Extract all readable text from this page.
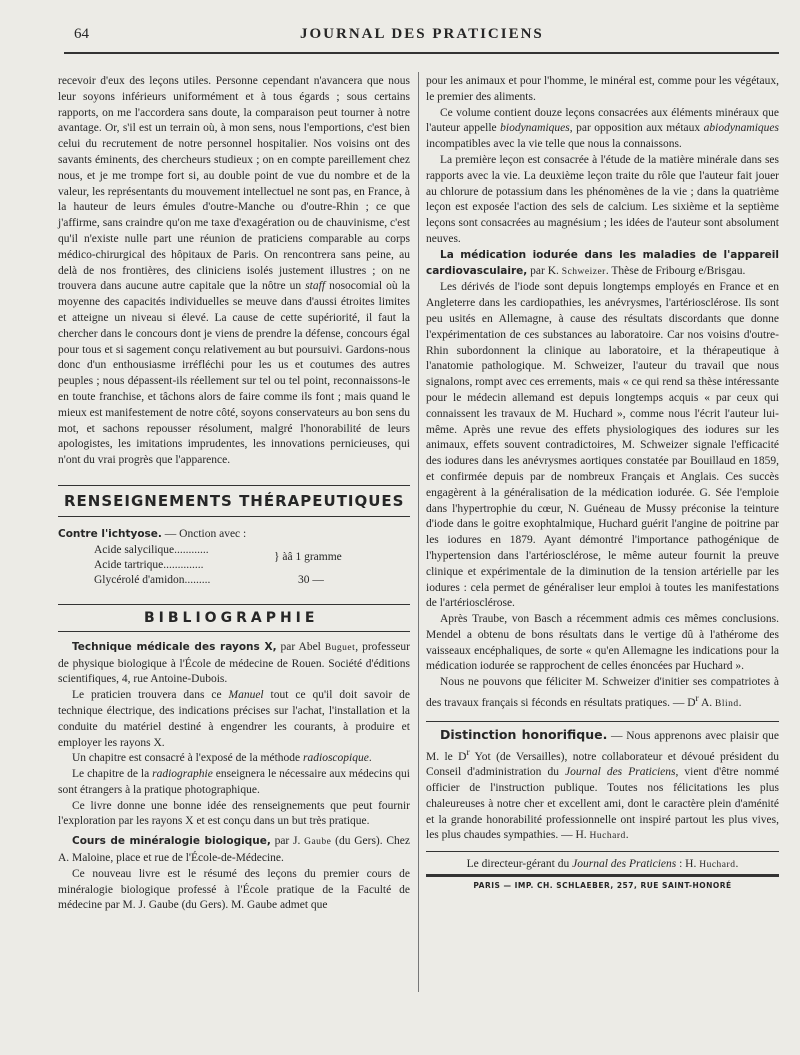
64	JOURNAL DES PRATICIENS

recevoir d'eux des leçons utiles. Personne cependant n'avancera que nous leur soyons inférieurs uniformément et à tous égards ; sous certains rapports, on me l'accordera sans doute, la comparaison peut tourner à notre avantage. Or, s'il est un terrain où, à mon sens, nous l'emportions, c'est bien celui du recrutement de notre personnel hospitalier. Nos voisins ont des savants éminents, des chercheurs studieux ; on en compte pareillement chez nous, et je me trompe fort si, au double point de vue du nombre et de la valeur, les représentants du mouvement intellectuel ne sont pas, en France, à la hauteur de leurs émules d'outre-Manche ou d'outre-Rhin ; ce que j'affirme, sans craindre qu'on me taxe d'exagération ou de chauvinisme, c'est qu'il n'existe nulle part une réunion de praticiens comparable au corps médico-chirurgical des hôpitaux de Paris. On rencontrera sans peine, au delà de nos frontières, des cliniciens isolés justement illustres ; on ne trouvera dans aucune autre capitale que la nôtre un staff nosocomial où la moyenne des capacités individuelles se meuve dans d'aussi étroites limites et atteigne un niveau si élevé. La cause de cette supériorité, il faut la chercher dans le concours dont je viens de prendre la défense, concours égal pour tous et si sagement conçu relativement au but poursuivi. Gardons-nous donc d'un enthousiasme irréfléchi pour les us et coutumes des autres peuples ; nous dépassent-ils réellement sur tel ou tel point, reconnaissons-le en toute franchise, et tâchons alors de faire comme ils font ; mais quand le mieux est manifestement de notre côté, soyons conservateurs au bon sens du mot, et sachons repousser résolument, malgré l'honorabilité de leurs apologistes, les imitations imprudentes, les innovations pernicieuses, qui n'ont du vrai progrès que l'apparence.

RENSEIGNEMENTS THÉRAPEUTIQUES

Contre l'ichtyose. — Onction avec :

Acide salycilique............
Acide tartrique..............
Glycérolé d'amidon.........	30 —
} àâ 1 gramme
BIBLIOGRAPHIE

Technique médicale des rayons X, par Abel Buguet, professeur de physique biologique à l'École de médecine de Rouen. Société d'éditions scientifiques, 4, rue Antoine-Dubois.

Le praticien trouvera dans ce Manuel tout ce qu'il doit savoir de technique électrique, des indications précises sur l'achat, l'installation et la conduite du matériel destiné à engendrer les courants, à produire et employer les rayons X.

Un chapitre est consacré à l'exposé de la méthode radioscopique.

Le chapitre de la radiographie enseignera le nécessaire aux médecins qui sont étrangers à la pratique photographique.

Ce livre donne une bonne idée des renseignements que peut fournir l'exploration par les rayons X et est conçu dans un but très pratique.

Cours de minéralogie biologique, par J. Gaube (du Gers). Chez A. Maloine, place et rue de l'École-de-Médecine.

Ce nouveau livre est le résumé des leçons du premier cours de minéralogie biologique professé à l'École pratique de la Faculté de médecine par M. J. Gaube (du Gers). M. Gaube admet que

pour les animaux et pour l'homme, le minéral est, comme pour les végétaux, le premier des aliments.

Ce volume contient douze leçons consacrées aux éléments minéraux que l'auteur appelle biodynamiques, par opposition aux métaux abiodynamiques incompatibles avec la vie telle que nous la connaissons.

La première leçon est consacrée à l'étude de la matière minérale dans ses rapports avec la vie. La deuxième leçon traite du rôle que l'auteur fait jouer au chlorure de potassium dans les phénomènes de la vie ; dans la quatrième leçon est exposée l'action des sels de calcium. Les sixième et la septième leçons sont consacrées au magnésium ; les idées de l'auteur sont absolument neuves.

La médication iodurée dans les maladies de l'appareil cardiovasculaire, par K. Schweizer. Thèse de Fribourg e/Brisgau.

Les dérivés de l'iode sont depuis longtemps employés en France et en Angleterre dans les cardiopathies, les anévrysmes, l'artériosclérose. Ils sont peu usités en Allemagne, à cause des résultats discordants que donne l'expérimentation de ces substances au laboratoire. Car nos voisins d'outre-Rhin subordonnent la clinique au laboratoire, et la thérapeutique à l'anatomie pathologique. M. Schweizer, l'auteur du travail que nous signalons, rompt avec ces errements, mais « ce qui rend sa thèse intéressante pour le médecin allemand est depuis longtemps acquis « par ceux qui connaissent les travaux de M. Huchard », comme nous l'écrit l'auteur lui-même. Après une revue des effets physiologiques des iodures sur les animaux, effets souvent contradictoires, M. Schweizer signale l'efficacité des iodures dans les anévrysmes aortiques constatée par Bouillaud en 1859, et confirmée depuis par de nombreux Français et Anglais. Ces succès engagèrent à la généralisation de la médication iodurée. G. Sée l'emploie dans l'hypertrophie du cœur, N. Guéneau de Mussy préconise la teinture d'iode dans le goitre exophtalmique, Huchard guérit l'angine de poitrine par les iodures en 1879. Ayant démontré l'importance pathogénique de l'hypertension dans l'artériosclérose, le même auteur fournit la preuve clinique et expérimentale de la diminution de la tension artérielle par les iodures : cela permet de généraliser leur emploi à toutes les manifestations de l'artériosclérose.

Après Traube, von Basch a récemment admis ces mêmes conclusions. Mendel a obtenu de bons résultats dans le vertige dû à l'athérome des vaisseaux encéphaliques, de sorte « qu'en Allemagne les indications pour la médication iodurée se rapprochent de celles énoncées par Huchard ».

Nous ne pouvons que féliciter M. Schweizer d'initier ses compatriotes à des travaux français si féconds en résultats pratiques. — $D^r$ A. Blind.

Distinction honorifique. — Nous apprenons avec plaisir que M. le $D^r$ Yot (de Versailles), notre collaborateur et dévoué président du Conseil d'administration du Journal des Praticiens, vient d'être nommé officier de l'instruction publique. Toutes nos félicitations les plus chaleureuses à notre cher et excellent ami, dont le caractère plein d'aménité et la grande honorabilité professionnelle ont inspiré partout les plus vives, les plus chaudes sympathies. — H. Huchard.

Le directeur-gérant du Journal des Praticiens : H. Huchard.
PARIS — IMP. CH. SCHLAEBER, 257, RUE SAINT-HONORÉ
